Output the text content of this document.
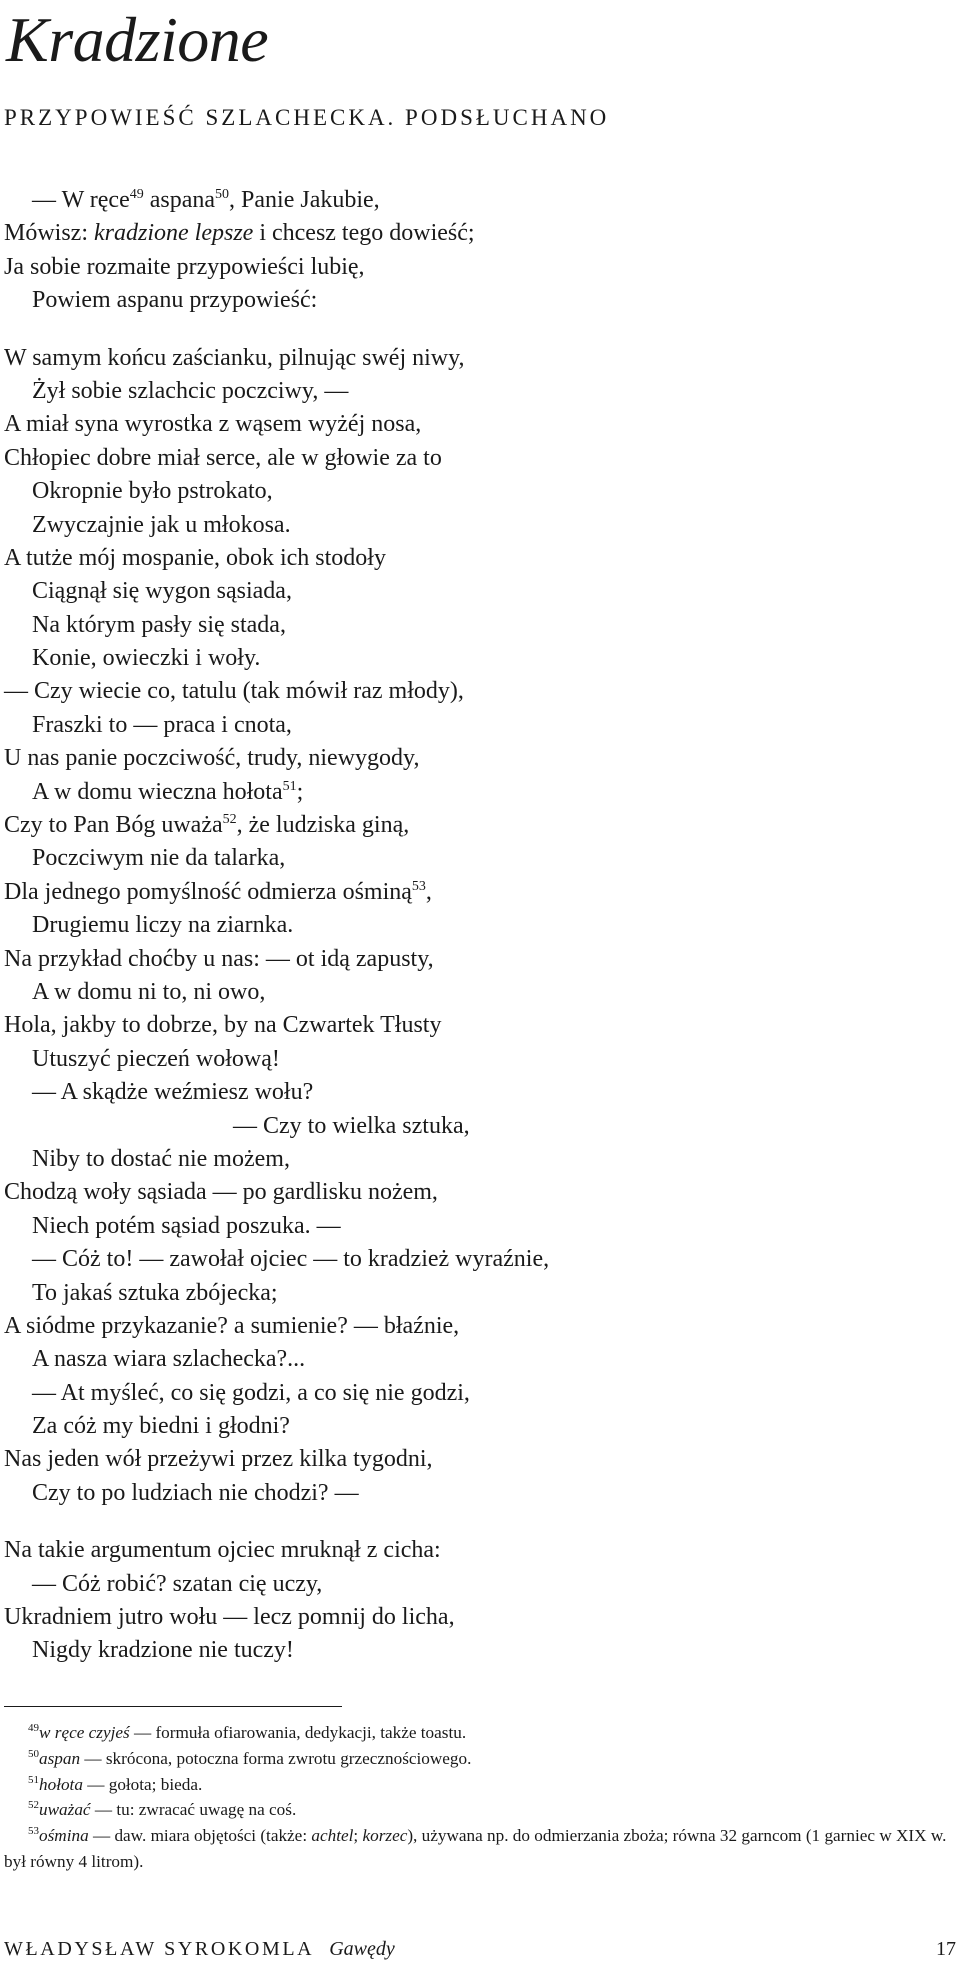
Kradzione
PRZYPOWIEŚĆ SZLACHECKA. PODSŁUCHANO
— W ręce$^{49}$ aspana$^{50}$, Panie Jakubie,
Mówisz: kradzione lepsze i chcesz tego dowieść;
Ja sobie rozmaite przypowieści lubię,
Powiem aspanu przypowieść:
W samym końcu zaścianku, pilnując swéj niwy,
Żył sobie szlachcic poczciwy, —
A miał syna wyrostka z wąsem wyżéj nosa,
Chłopiec dobre miał serce, ale w głowie za to
Okropnie było pstrokato,
Zwyczajnie jak u młokosa.
A tutże mój mospanie, obok ich stodoły
Ciągnął się wygon sąsiada,
Na którym pasły się stada,
Konie, owieczki i woły.
— Czy wiecie co, tatulu (tak mówił raz młody),
Fraszki to — praca i cnota,
U nas panie poczciwość, trudy, niewygody,
A w domu wieczna hołota$^{51}$;
Czy to Pan Bóg uważa$^{52}$, że ludziska giną,
Poczciwym nie da talarka,
Dla jednego pomyślność odmierza ośminą$^{53}$,
Drugiemu liczy na ziarnka.
Na przykład choćby u nas: — ot idą zapusty,
A w domu ni to, ni owo,
Hola, jakby to dobrze, by na Czwartek Tłusty
Utuszyć pieczeń wołową!
— A skądże weźmiesz wołu?
— Czy to wielka sztuka,
Niby to dostać nie możem,
Chodzą woły sąsiada — po gardlisku nożem,
Niech potém sąsiad poszuka. —
— Cóż to! — zawołał ojciec — to kradzież wyraźnie,
To jakaś sztuka zbójecka;
A siódme przykazanie? a sumienie? — błaźnie,
A nasza wiara szlachecka?...
— At myśleć, co się godzi, a co się nie godzi,
Za cóż my biedni i głodni?
Nas jeden wół przeżywi przez kilka tygodni,
Czy to po ludziach nie chodzi? —
Na takie argumentum ojciec mruknął z cicha:
— Cóż robić? szatan cię uczy,
Ukradniem jutro wołu — lecz pomnij do licha,
Nigdy kradzione nie tuczy!

$^{49}$w ręce czyjeś — formuła ofiarowania, dedykacji, także toastu.

$^{50}$aspan — skrócona, potoczna forma zwrotu grzecznościowego.

$^{51}$hołota — gołota; bieda.

$^{52}$uważać — tu: zwracać uwagę na coś.

$^{53}$ośmina — daw. miara objętości (także: achtel; korzec), używana np. do odmierzania zboża; równa 32 garncom (1 garniec w XIX w. był równy 4 litrom).

WŁADYSŁAW SYROKOMLA Gawędy	17
